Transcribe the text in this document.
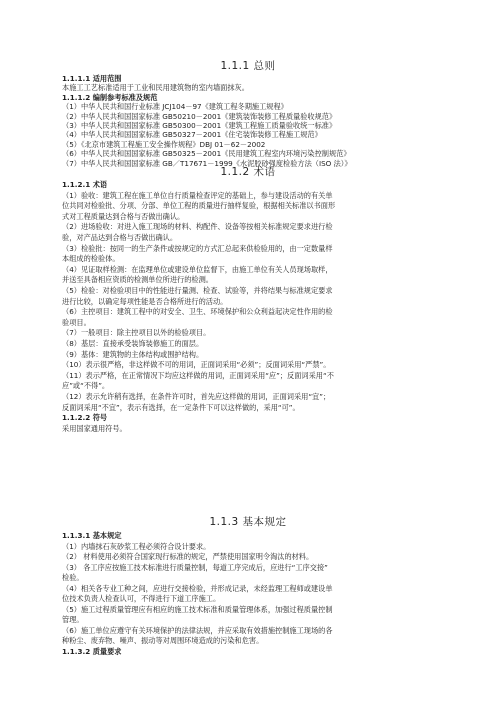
1.1.1 总则
1.1.1.1 适用范围
本施工工艺标准适用于工业和民用建筑物的室内墙面抹灰。
1.1.1.2 编制参考标准及规范
（1）中华人民共和国行业标准 JCJ104－97《建筑工程冬期施工规程》
（2）中华人民共和国国家标准 GB50210－2001《建筑装饰装修工程质量验收规范》
（3）中华人民共和国国家标准 GB50300－2001《建筑工程施工质量验收统一标准》
（4）中华人民共和国国家标准 GB50327－2001《住宅装饰装修工程施工规范》
（5）《北京市建筑工程施工安全操作规程》DBJ 01－62－2002
（6）中华人民共和国国家标准 GB50325－2001《民用建筑工程室内环境污染控制规范》
（7）中华人民共和国国家标准 GB／T17671－1999《水泥胶砂强度检验方法（ISO 法）》
1.1.2 术语
1.1.2.1 术语
（1）验收：建筑工程在施工单位自行质量检查评定的基础上，参与建设活动的有关单
位共同对检验批、分项、分部、单位工程的质量进行抽样复验，根据相关标准以书面形
式对工程质量达到合格与否做出确认。
（2）进场验收：对进入施工现场的材料、构配件、设备等按相关标准规定要求进行检
验，对产品达到合格与否做出确认。
（3）检验批：按同一的生产条件或按规定的方式汇总起来供检验用的，由一定数量样
本组成的检验体。
（4）见证取样检测：在监理单位或建设单位监督下，由施工单位有关人员现场取样，
并送至具备相应资质的检测单位所进行的检测。
（5）检验：对检验项目中的性能进行量测、检查、试验等，并将结果与标准规定要求
进行比较，以确定每项性能是否合格所进行的活动。
（6）主控项目：建筑工程中的对安全、卫生、环境保护和公众利益起决定性作用的检
验项目。
（7）一般项目：除主控项目以外的检验项目。
（8）基层：直接承受装饰装修施工的面层。
（9）基体：建筑物的主体结构或围护结构。
（10）表示很严格，非这样做不可的用词，正面词采用“必须”；反面词采用“严禁”。
（11）表示严格，在正常情况下均应这样做的用词，正面词采用“应”；反面词采用“不
应”或“不得”。
（12）表示允许稍有选择，在条件许可时，首先应这样做的用词，正面词采用“宜”；
反面词采用“不宜”，表示有选择，在一定条件下可以这样做的，采用“可”。
1.1.2.2 符号
采用国家通用符号。
1.1.3 基本规定
1.1.3.1 基本规定
（1）内墙抹石灰砂浆工程必须符合设计要求。
（2） 材料使用必须符合国家现行标准的规定，严禁使用国家明令淘汰的材料。
（3） 各工序应按施工技术标准进行质量控制，每道工序完成后，应进行“工序交接”
检验。
（4）相关各专业工种之间，应进行交接检验，并形成记录，未经监理工程师或建设单
位技术负责人检查认可，不得进行下道工序施工。
（5）施工过程质量管理应有相应的施工技术标准和质量管理体系，加强过程质量控制
管理。
（6）施工单位应遵守有关环境保护的法律法规，并应采取有效措施控制施工现场的各
种粉尘、废弃物、噪声、振动等对周围环境造成的污染和危害。
1.1.3.2 质量要求
